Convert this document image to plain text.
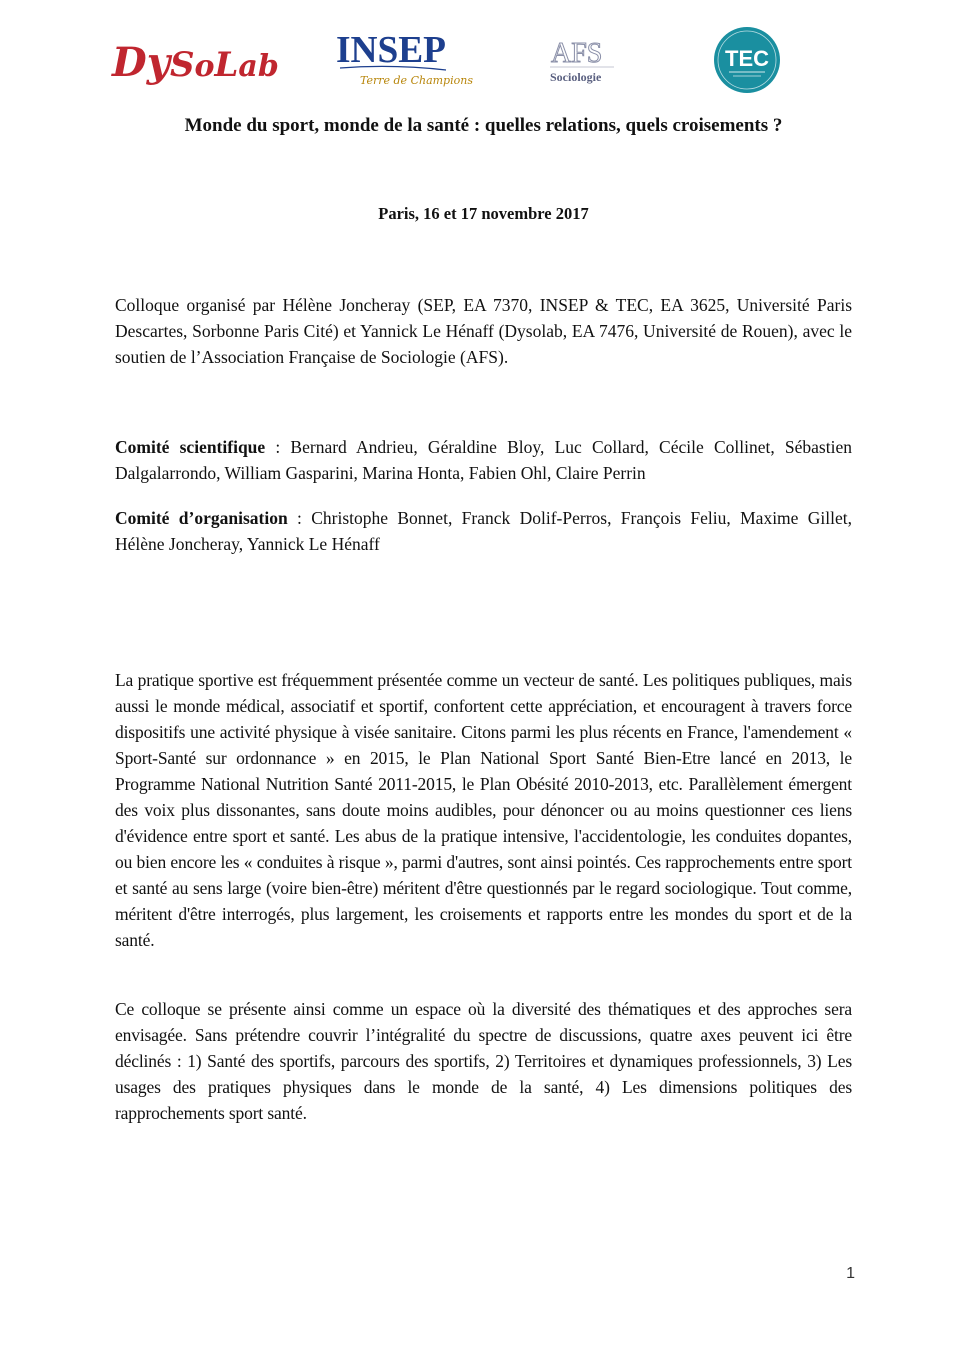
DySoLab INSEP
Terre de Champions
AFS
Sociologie
TEC
Monde du sport, monde de la santé : quelles relations, quels croisements ?
Paris, 16 et 17 novembre 2017

Colloque organisé par Hélène Joncheray (SEP, EA 7370, INSEP & TEC, EA 3625, Université Paris Descartes, Sorbonne Paris Cité) et Yannick Le Hénaff (Dysolab, EA 7476, Université de Rouen), avec le soutien de l’Association Française de Sociologie (AFS).

Comité scientifique : Bernard Andrieu, Géraldine Bloy, Luc Collard, Cécile Collinet, Sébastien Dalgalarrondo, William Gasparini, Marina Honta, Fabien Ohl, Claire Perrin

Comité d’organisation : Christophe Bonnet, Franck Dolif-Perros, François Feliu, Maxime Gillet, Hélène Joncheray, Yannick Le Hénaff

La pratique sportive est fréquemment présentée comme un vecteur de santé. Les politiques publiques, mais aussi le monde médical, associatif et sportif, confortent cette appréciation, et encouragent à travers force dispositifs une activité physique à visée sanitaire. Citons parmi les plus récents en France, l'amendement « Sport-Santé sur ordonnance » en 2015, le Plan National Sport Santé Bien-Etre lancé en 2013, le Programme National Nutrition Santé 2011-2015, le Plan Obésité 2010-2013, etc. Parallèlement émergent des voix plus dissonantes, sans doute moins audibles, pour dénoncer ou au moins questionner ces liens d'évidence entre sport et santé. Les abus de la pratique intensive, l'accidentologie, les conduites dopantes, ou bien encore les « conduites à risque », parmi d'autres, sont ainsi pointés. Ces rapprochements entre sport et santé au sens large (voire bien-être) méritent d'être questionnés par le regard sociologique. Tout comme, méritent d'être interrogés, plus largement, les croisements et rapports entre les mondes du sport et de la santé.

Ce colloque se présente ainsi comme un espace où la diversité des thématiques et des approches sera envisagée. Sans prétendre couvrir l’intégralité du spectre de discussions, quatre axes peuvent ici être déclinés : 1) Santé des sportifs, parcours des sportifs, 2) Territoires et dynamiques professionnels, 3) Les usages des pratiques physiques dans le monde de la santé, 4) Les dimensions politiques des rapprochements sport santé.

1
